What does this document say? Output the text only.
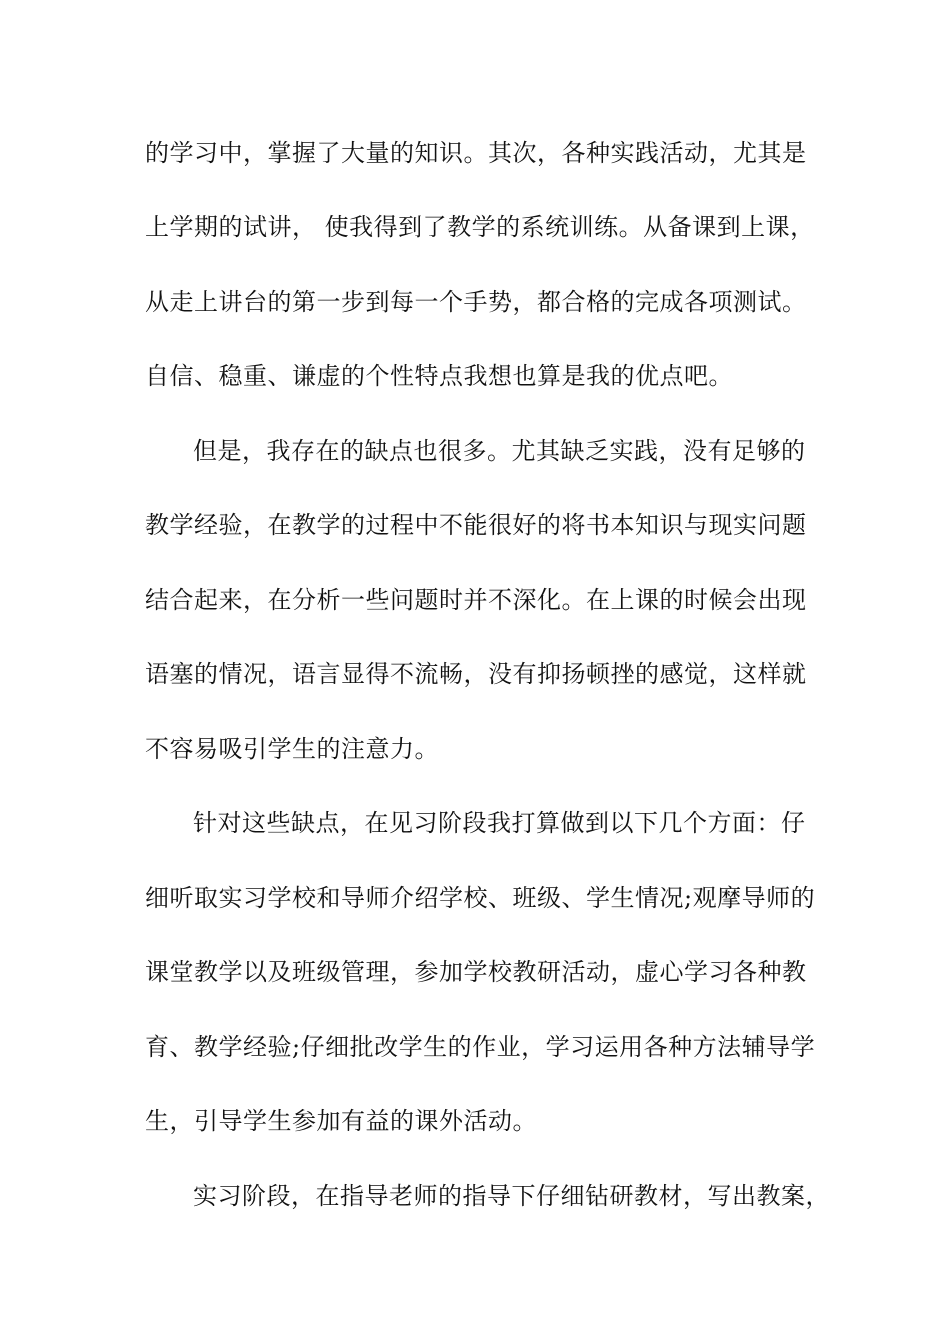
的学习中，掌握了大量的知识。其次，各种实践活动，尤其是
上学期的试讲， 使我得到了教学的系统训练。从备课到上课，
从走上讲台的第一步到每一个手势，都合格的完成各项测试。
自信、稳重、谦虚的个性特点我想也算是我的优点吧。
但是，我存在的缺点也很多。尤其缺乏实践，没有足够的
教学经验，在教学的过程中不能很好的将书本知识与现实问题
结合起来，在分析一些问题时并不深化。在上课的时候会出现
语塞的情况，语言显得不流畅，没有抑扬顿挫的感觉，这样就
不容易吸引学生的注意力。
针对这些缺点，在见习阶段我打算做到以下几个方面：仔
细听取实习学校和导师介绍学校、班级、学生情况;观摩导师的
课堂教学以及班级管理，参加学校教研活动，虚心学习各种教
育、教学经验;仔细批改学生的作业，学习运用各种方法辅导学
生，引导学生参加有益的课外活动。
实习阶段，在指导老师的指导下仔细钻研教材，写出教案，
